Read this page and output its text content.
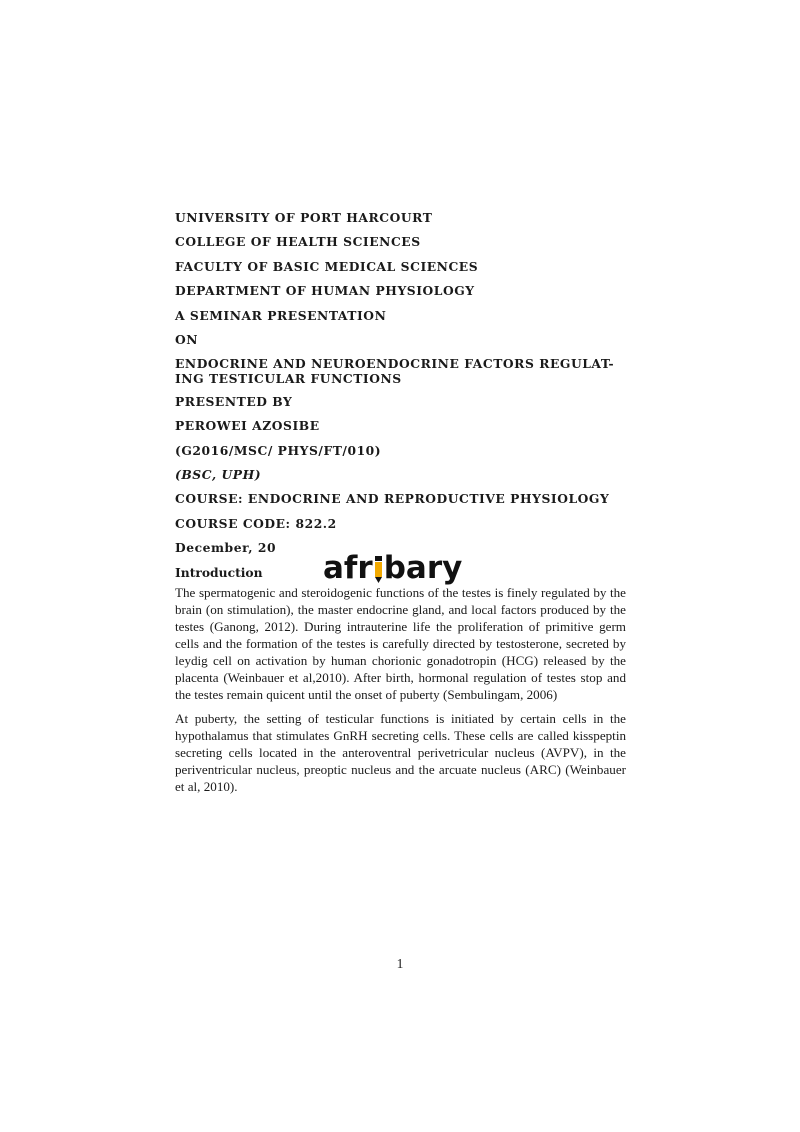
UNIVERSITY OF PORT HARCOURT
COLLEGE OF HEALTH SCIENCES
FACULTY OF BASIC MEDICAL SCIENCES
DEPARTMENT OF HUMAN PHYSIOLOGY
A SEMINAR PRESENTATION
ON
ENDOCRINE AND NEUROENDOCRINE FACTORS REGULAT-ING TESTICULAR FUNCTIONS
PRESENTED BY
PEROWEI AZOSIBE
(G2016/MSC/ PHYS/FT/010)
(BSC, UPH)
COURSE: ENDOCRINE AND REPRODUCTIVE PHYSIOLOGY
COURSE CODE: 822.2
December, 20
Introduction

The spermatogenic and steroidogenic functions of the testes is finely regulated by the brain (on stimulation), the master endocrine gland, and local factors produced by the testes (Ganong, 2012). During intrauterine life the proliferation of primitive germ cells and the formation of the testes is carefully directed by testosterone, secreted by leydig cell on activation by human chorionic gonadotropin (HCG) released by the placenta (Weinbauer et al,2010). After birth, hormonal regulation of testes stop and the testes remain quicent until the onset of puberty (Sembulingam, 2006)

At puberty, the setting of testicular functions is initiated by certain cells in the hypothalamus that stimulates GnRH secreting cells. These cells are called kisspeptin secreting cells located in the anteroventral perivetricular nucleus (AVPV), in the periventricular nucleus, preoptic nucleus and the arcuate nucleus (ARC) (Weinbauer et al, 2010).

afr bary
1
